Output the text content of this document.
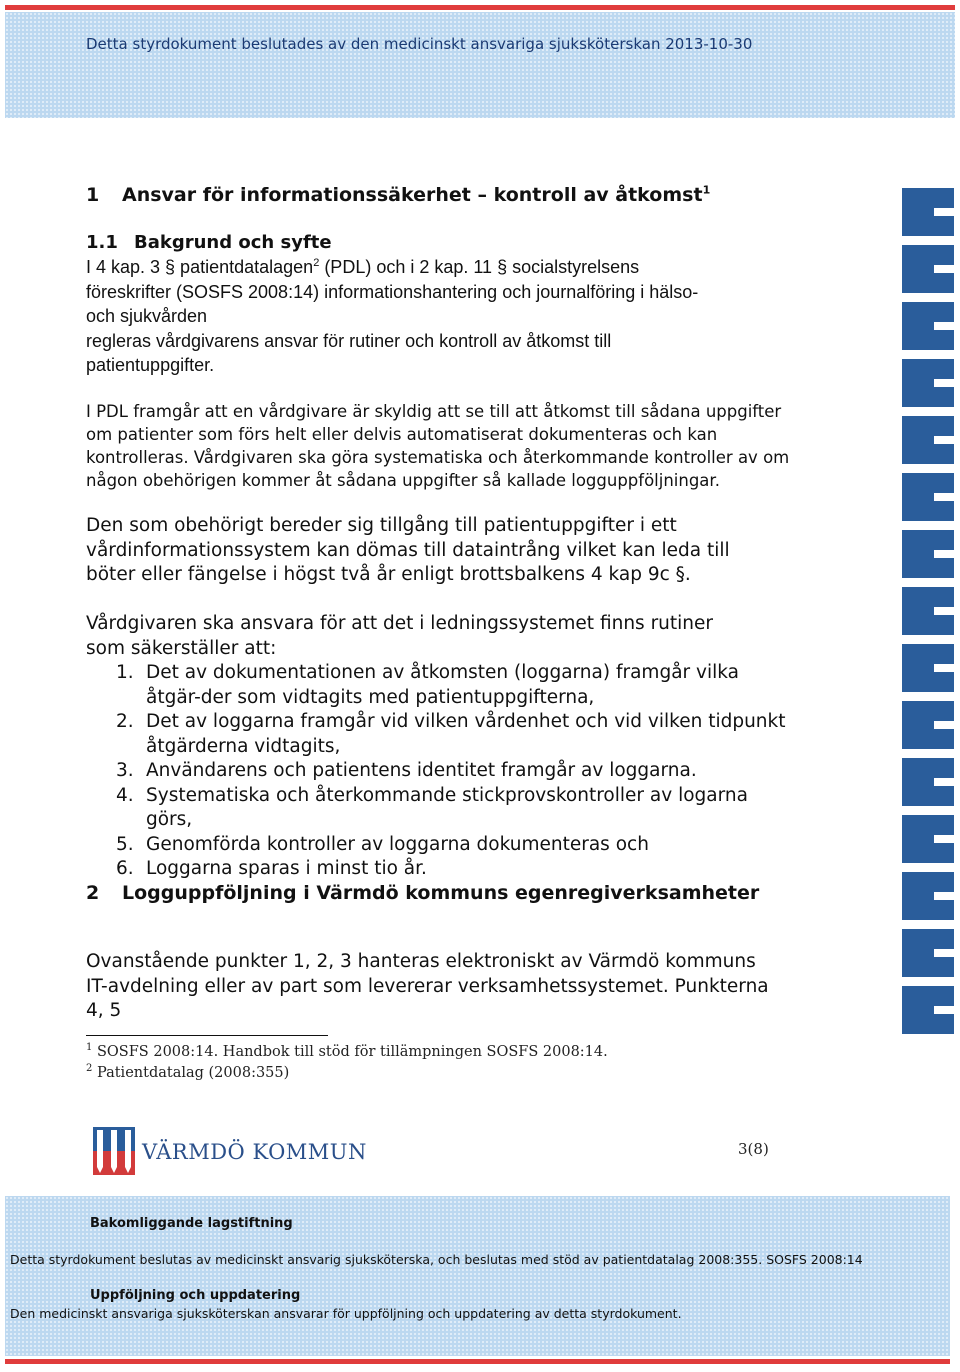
Detta styrdokument beslutades av den medicinskt ansvariga sjuksköterskan 2013-10-30
1 Ansvar för informationssäkerhet – kontroll av åtkomst$^1$
1.1 Bakgrund och syfte
I 4 kap. 3 § patientdatalagen$^2$ (PDL) och i 2 kap. 11 § socialstyrelsens
föreskrifter (SOSFS 2008:14) informationshantering och journalföring i hälso-
och sjukvården
regleras vårdgivarens ansvar för rutiner och kontroll av åtkomst till
patientuppgifter.

I PDL framgår att en vårdgivare är skyldig att se till att åtkomst till sådana uppgifter om patienter som förs helt eller delvis automatiserat dokumenteras och kan kontrolleras. Vårdgivaren ska göra systematiska och återkommande kontroller av om någon obehörigen kommer åt sådana uppgifter så kallade logguppföljningar.

Den som obehörigt bereder sig tillgång till patientuppgifter i ett vårdinformationssystem kan dömas till dataintrång vilket kan leda till böter eller fängelse i högst två år enligt brottsbalkens 4 kap 9c §.

Vårdgivaren ska ansvara för att det i ledningssystemet finns rutiner som säkerställer att:

1. Det av dokumentationen av åtkomsten (loggarna) framgår vilka åtgär-der som vidtagits med patientuppgifterna,
2. Det av loggarna framgår vid vilken vårdenhet och vid vilken tidpunkt åtgärderna vidtagits,
3. Användarens och patientens identitet framgår av loggarna.
4. Systematiska och återkommande stickprovskontroller av logarna görs,
5. Genomförda kontroller av loggarna dokumenteras och
6. Loggarna sparas i minst tio år.
2 Logguppföljning i Värmdö kommuns egenregiverksamheter

Ovanstående punkter 1, 2, 3 hanteras elektroniskt av Värmdö kommuns IT-avdelning eller av part som levererar verksamhetssystemet. Punkterna 4, 5

$^1$ SOSFS 2008:14. Handbok till stöd för tillämpningen SOSFS 2008:14.
$^2$ Patientdatalag (2008:355)
VÄRMDÖ KOMMUN	3(8)
Bakomliggande lagstiftning
Detta styrdokument beslutas av medicinskt ansvarig sjuksköterska, och beslutas med stöd av patientdatalag 2008:355. SOSFS 2008:14
Uppföljning och uppdatering
Den medicinskt ansvariga sjuksköterskan ansvarar för uppföljning och uppdatering av detta styrdokument.
